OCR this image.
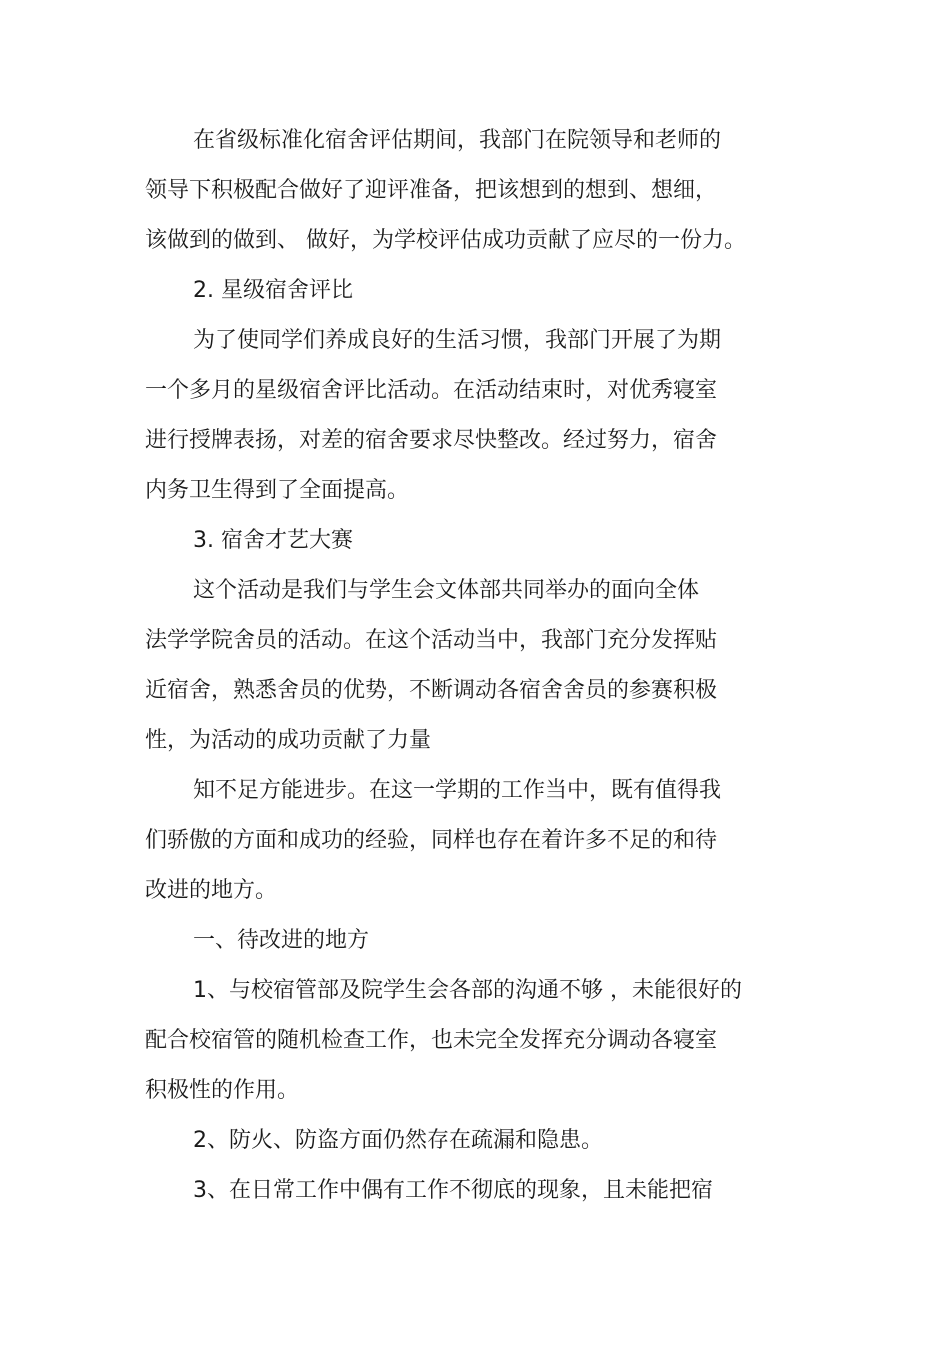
在省级标准化宿舍评估期间，我部门在院领导和老师的
领导下积极配合做好了迎评准备，把该想到的想到、想细，
该做到的做到、 做好，为学校评估成功贡献了应尽的一份力。
2. 星级宿舍评比
为了使同学们养成良好的生活习惯，我部门开展了为期
一个多月的星级宿舍评比活动。在活动结束时，对优秀寝室
进行授牌表扬，对差的宿舍要求尽快整改。经过努力，宿舍
内务卫生得到了全面提高。
3. 宿舍才艺大赛
这个活动是我们与学生会文体部共同举办的面向全体
法学学院舍员的活动。在这个活动当中，我部门充分发挥贴
近宿舍，熟悉舍员的优势，不断调动各宿舍舍员的参赛积极
性，为活动的成功贡献了力量
知不足方能进步。在这一学期的工作当中，既有值得我
们骄傲的方面和成功的经验，同样也存在着许多不足的和待
改进的地方。
一、待改进的地方
1、与校宿管部及院学生会各部的沟通不够 ，未能很好的
配合校宿管的随机检查工作，也未完全发挥充分调动各寝室
积极性的作用。
2、防火、防盗方面仍然存在疏漏和隐患。
3、在日常工作中偶有工作不彻底的现象，且未能把宿
